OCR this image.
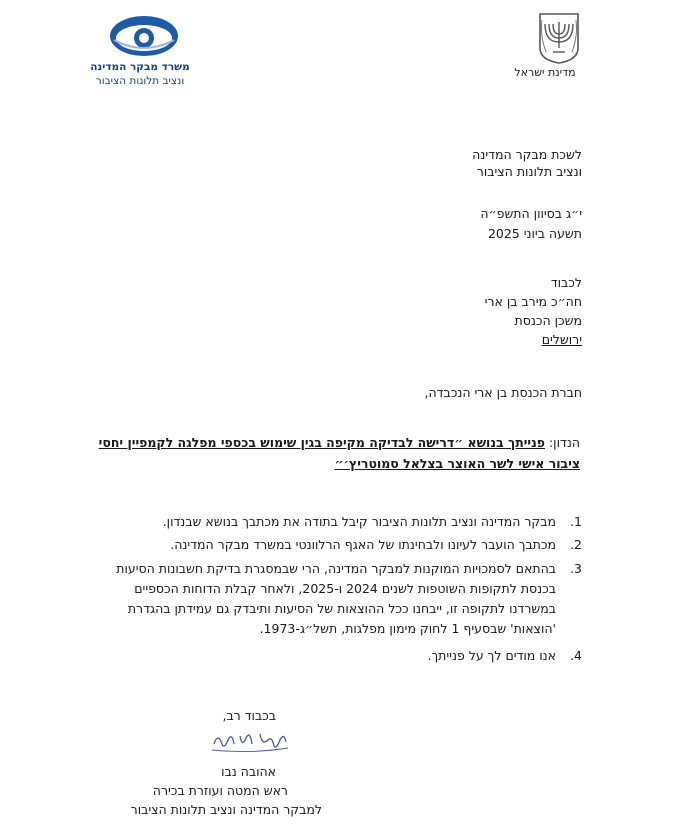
מדינת ישראל
משרד מבקר המדינה
ונציב תלונות הציבור
לשכת מבקר המדינה
ונציב תלונות הציבור
י״ג בסיוון התשפ״ה
תשעה ביוני 2025
לכבוד
חה״כ מירב בן ארי
משכן הכנסת
ירושלים
חברת הכנסת בן ארי הנכבדה,
הנדון: פנייתך בנושא ״דרישה לבדיקה מקיפה בגין שימוש בכספי מפלגה לקמפיין יחסי
ציבור אישי לשר האוצר בצלאל סמוטריץ׳״
1.מבקר המדינה ונציב תלונות הציבור קיבל בתודה את מכתבך בנושא שבנדון.
2.מכתבך הועבר לעיונו ולבחינתו של האגף הרלוונטי במשרד מבקר המדינה.
3.
בהתאם לסמכויות המוקנות למבקר המדינה, הרי שבמסגרת בדיקת חשבונות הסיעות בכנסת לתקופות השוטפות לשנים 2024 ו-2025, ולאחר קבלת הדוחות הכספיים במשרדנו לתקופה זו, ייבחנו ככל ההוצאות של הסיעות ותיבדק גם עמידתן בהגדרת 'הוצאות' שבסעיף 1 לחוק מימון מפלגות, תשל״ג-1973.
4.אנו מודים לך על פנייתך.
בכבוד רב,
אהובה נבו
ראש המטה ועוזרת בכירה
למבקר המדינה ונציב תלונות הציבור
